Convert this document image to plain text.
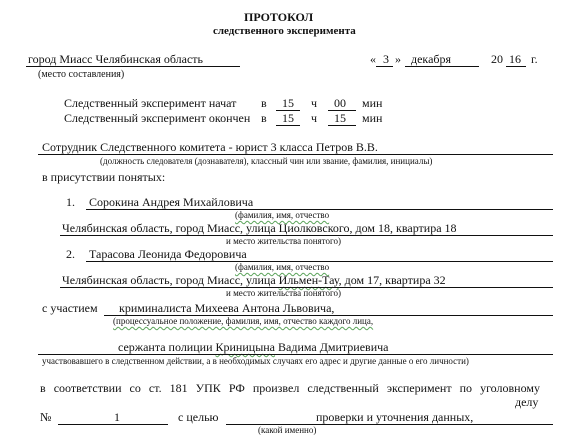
ПРОТОКОЛ
следственного эксперимента
город Миасс Челябинская область	« 3 » декабря	20 16 г.
(место составления)
Следственный эксперимент начат в 15 ч 00 мин
Следственный эксперимент окончен в 15 ч 15 мин
Сотрудник Следственного комитета - юрист 3 класса Петров В.В.
(должность следователя (дознавателя), классный чин или звание, фамилия, инициалы)
в присутствии понятых:
1. Сорокина Андрея Михайловича
(фамилия, имя, отчество
Челябинская область, город Миасс, улица Циолковского, дом 18, квартира 18
и место жительства понятого)
2. Тарасова Леонида Федоровича
(фамилия, имя, отчество
Челябинская область, город Миасс, улица Ильмен-Тау, дом 17, квартира 32
и место жительства понятого)
с участием криминалиста Михеева Антона Львовича,
(процессуальное положение, фамилия, имя, отчество каждого лица,
сержанта полиции Криницына Вадима Дмитриевича
участвовавшего в следственном действии, а в необходимых случаях его адрес и другие данные о его личности)
в соответствии со ст. 181 УПК РФ произвел следственный эксперимент по уголовному
делу
№	1	с целью	проверки и уточнения данных,
(какой именно)
